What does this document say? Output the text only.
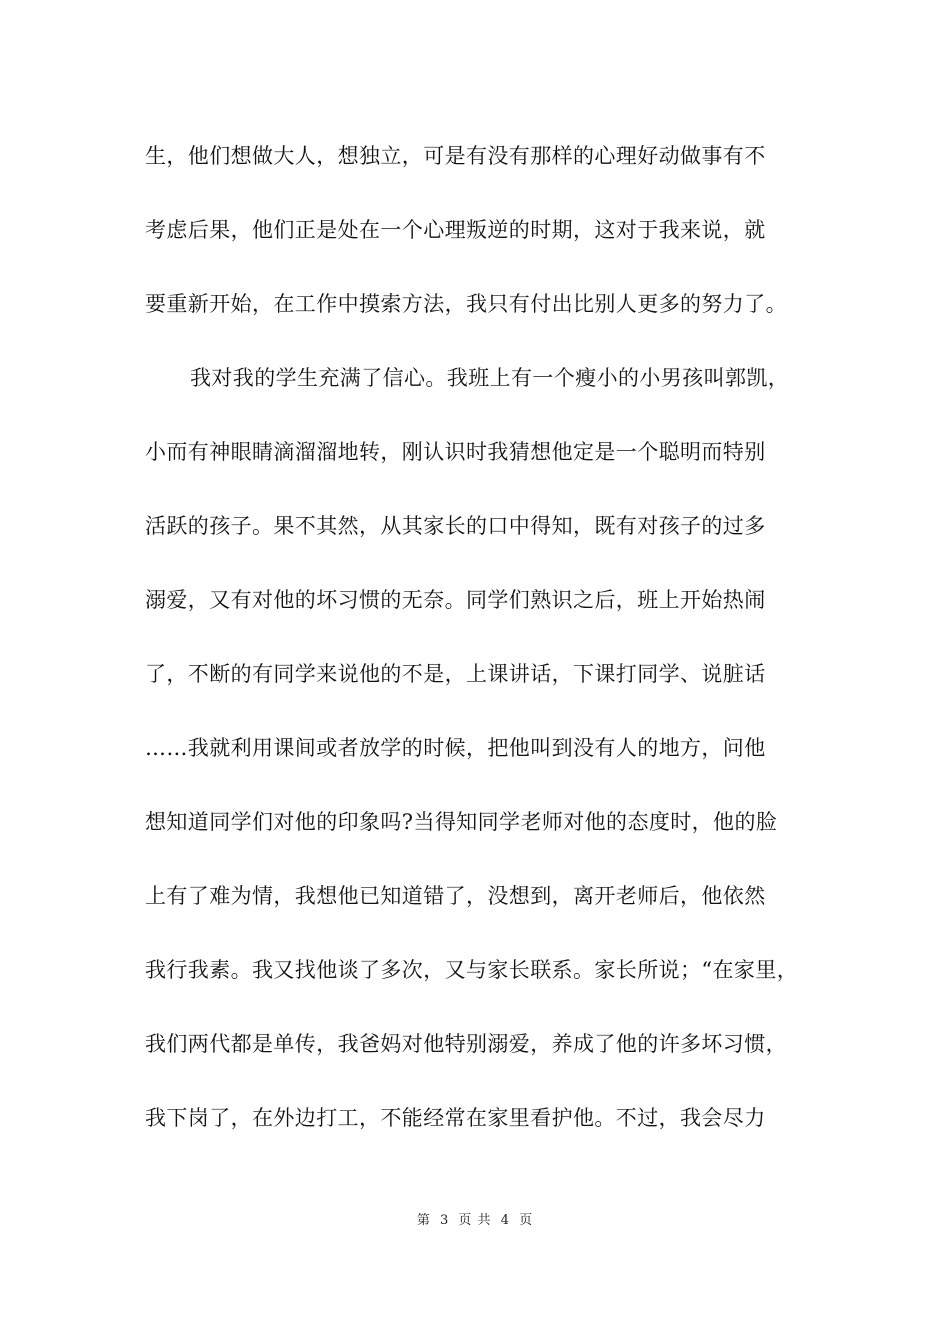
生，他们想做大人，想独立，可是有没有那样的心理好动做事有不
考虑后果，他们正是处在一个心理叛逆的时期，这对于我来说，就
要重新开始，在工作中摸索方法，我只有付出比别人更多的努力了。
我对我的学生充满了信心。我班上有一个瘦小的小男孩叫郭凯，
小而有神眼睛滴溜溜地转，刚认识时我猜想他定是一个聪明而特别
活跃的孩子。果不其然，从其家长的口中得知，既有对孩子的过多
溺爱，又有对他的坏习惯的无奈。同学们熟识之后，班上开始热闹
了，不断的有同学来说他的不是，上课讲话，下课打同学、说脏话
……我就利用课间或者放学的时候，把他叫到没有人的地方，问他
想知道同学们对他的印象吗?当得知同学老师对他的态度时，他的脸
上有了难为情，我想他已知道错了，没想到，离开老师后，他依然
我行我素。我又找他谈了多次，又与家长联系。家长所说；“在家里，
我们两代都是单传，我爸妈对他特别溺爱，养成了他的许多坏习惯，
我下岗了，在外边打工，不能经常在家里看护他。不过，我会尽力
第 3 页 共 4 页
